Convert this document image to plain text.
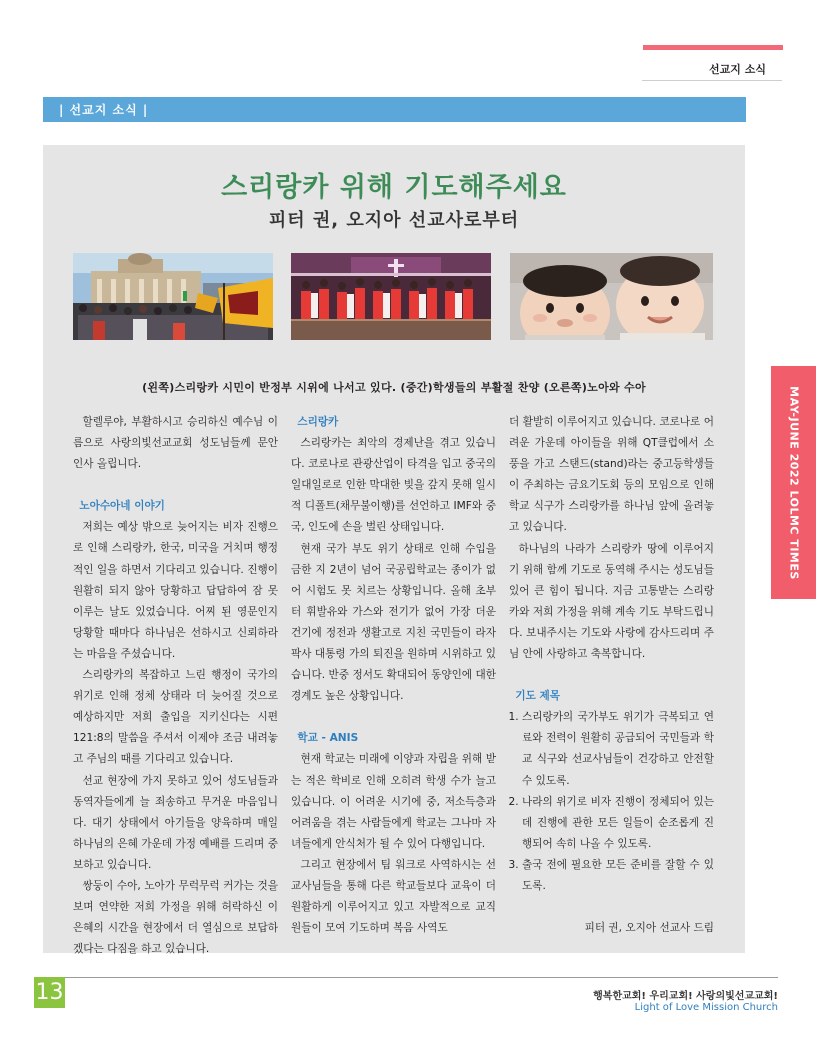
선교지 소식
| 선교지 소식 |
스리랑카 위해 기도해주세요
피터 권, 오지아 선교사로부터
(왼쪽)스리랑카 시민이 반정부 시위에 나서고 있다. (중간)학생들의 부활절 찬양 (오른쪽)노아와 수아

할렐루야, 부활하시고 승리하신 예수님 이름으로 사랑의빛선교교회 성도님들께 문안 인사 올립니다.

노아수아네 이야기

저희는 예상 밖으로 늦어지는 비자 진행으로 인해 스리랑카, 한국, 미국을 거치며 행정적인 일을 하면서 기다리고 있습니다. 진행이 원활히 되지 않아 당황하고 답답하여 잠 못 이루는 날도 있었습니다. 어찌 된 영문인지 당황할 때마다 하나님은 선하시고 신뢰하라는 마음을 주셨습니다.

스리랑카의 복잡하고 느린 행정이 국가의 위기로 인해 정체 상태라 더 늦어질 것으로 예상하지만 저희 출입을 지키신다는 시편 121:8의 말씀을 주셔서 이제야 조금 내려놓고 주님의 때를 기다리고 있습니다.

선교 현장에 가지 못하고 있어 성도님들과 동역자들에게 늘 죄송하고 무거운 마음입니다. 대기 상태에서 아기들을 양육하며 매일 하나님의 은혜 가운데 가정 예배를 드리며 중보하고 있습니다.

쌍둥이 수아, 노아가 무럭무럭 커가는 것을 보며 연약한 저희 가정을 위해 허락하신 이 은혜의 시간을 현장에서 더 열심으로 보답하겠다는 다짐을 하고 있습니다.

스리랑카

스리랑카는 최악의 경제난을 겪고 있습니다. 코로나로 관광산업이 타격을 입고 중국의 일대일로로 인한 막대한 빚을 갚지 못해 일시적 디폴트(채무불이행)를 선언하고 IMF와 중국, 인도에 손을 벌린 상태입니다.

현재 국가 부도 위기 상태로 인해 수입을 금한 지 2년이 넘어 국공립학교는 종이가 없어 시험도 못 치르는 상황입니다. 올해 초부터 휘발유와 가스와 전기가 없어 가장 더운 건기에 정전과 생활고로 지친 국민들이 라자팍사 대통령 가의 퇴진을 원하며 시위하고 있습니다. 반중 정서도 확대되어 동양인에 대한 경계도 높은 상황입니다.

학교 - ANIS

현재 학교는 미래에 이양과 자립을 위해 받는 적은 학비로 인해 오히려 학생 수가 늘고 있습니다. 이 어려운 시기에 중, 저소득층과 어려움을 겪는 사람들에게 학교는 그나마 자녀들에게 안식처가 될 수 있어 다행입니다.

그리고 현장에서 팀 워크로 사역하시는 선교사님들을 통해 다른 학교들보다 교육이 더 원활하게 이루어지고 있고 자발적으로 교직원들이 모여 기도하며 복음 사역도

더 활발히 이루어지고 있습니다. 코로나로 어려운 가운데 아이들을 위해 QT클럽에서 소풍을 가고 스탠드(stand)라는 중고등학생들이 주최하는 금요기도회 등의 모임으로 인해 학교 식구가 스리랑카를 하나님 앞에 올려놓고 있습니다.

하나님의 나라가 스리랑카 땅에 이루어지기 위해 함께 기도로 동역해 주시는 성도님들 있어 큰 힘이 됩니다. 지금 고통받는 스리랑카와 저희 가정을 위해 계속 기도 부탁드립니다. 보내주시는 기도와 사랑에 감사드리며 주님 안에 사랑하고 축복합니다.

기도 제목

1. 스리랑카의 국가부도 위기가 극복되고 연료와 전력이 원활히 공급되어 국민들과 학교 식구와 선교사님들이 건강하고 안전할 수 있도록.
2. 나라의 위기로 비자 진행이 정체되어 있는데 진행에 관한 모든 일들이 순조롭게 진행되어 속히 나올 수 있도록.
3. 출국 전에 필요한 모든 준비를 잘할 수 있도록.

피터 권, 오지아 선교사 드림

MAY-JUNE 2022 LOLMC TIMES
13	행복한교회! 우리교회! 사랑의빛선교교회!
Light of Love Mission Church
